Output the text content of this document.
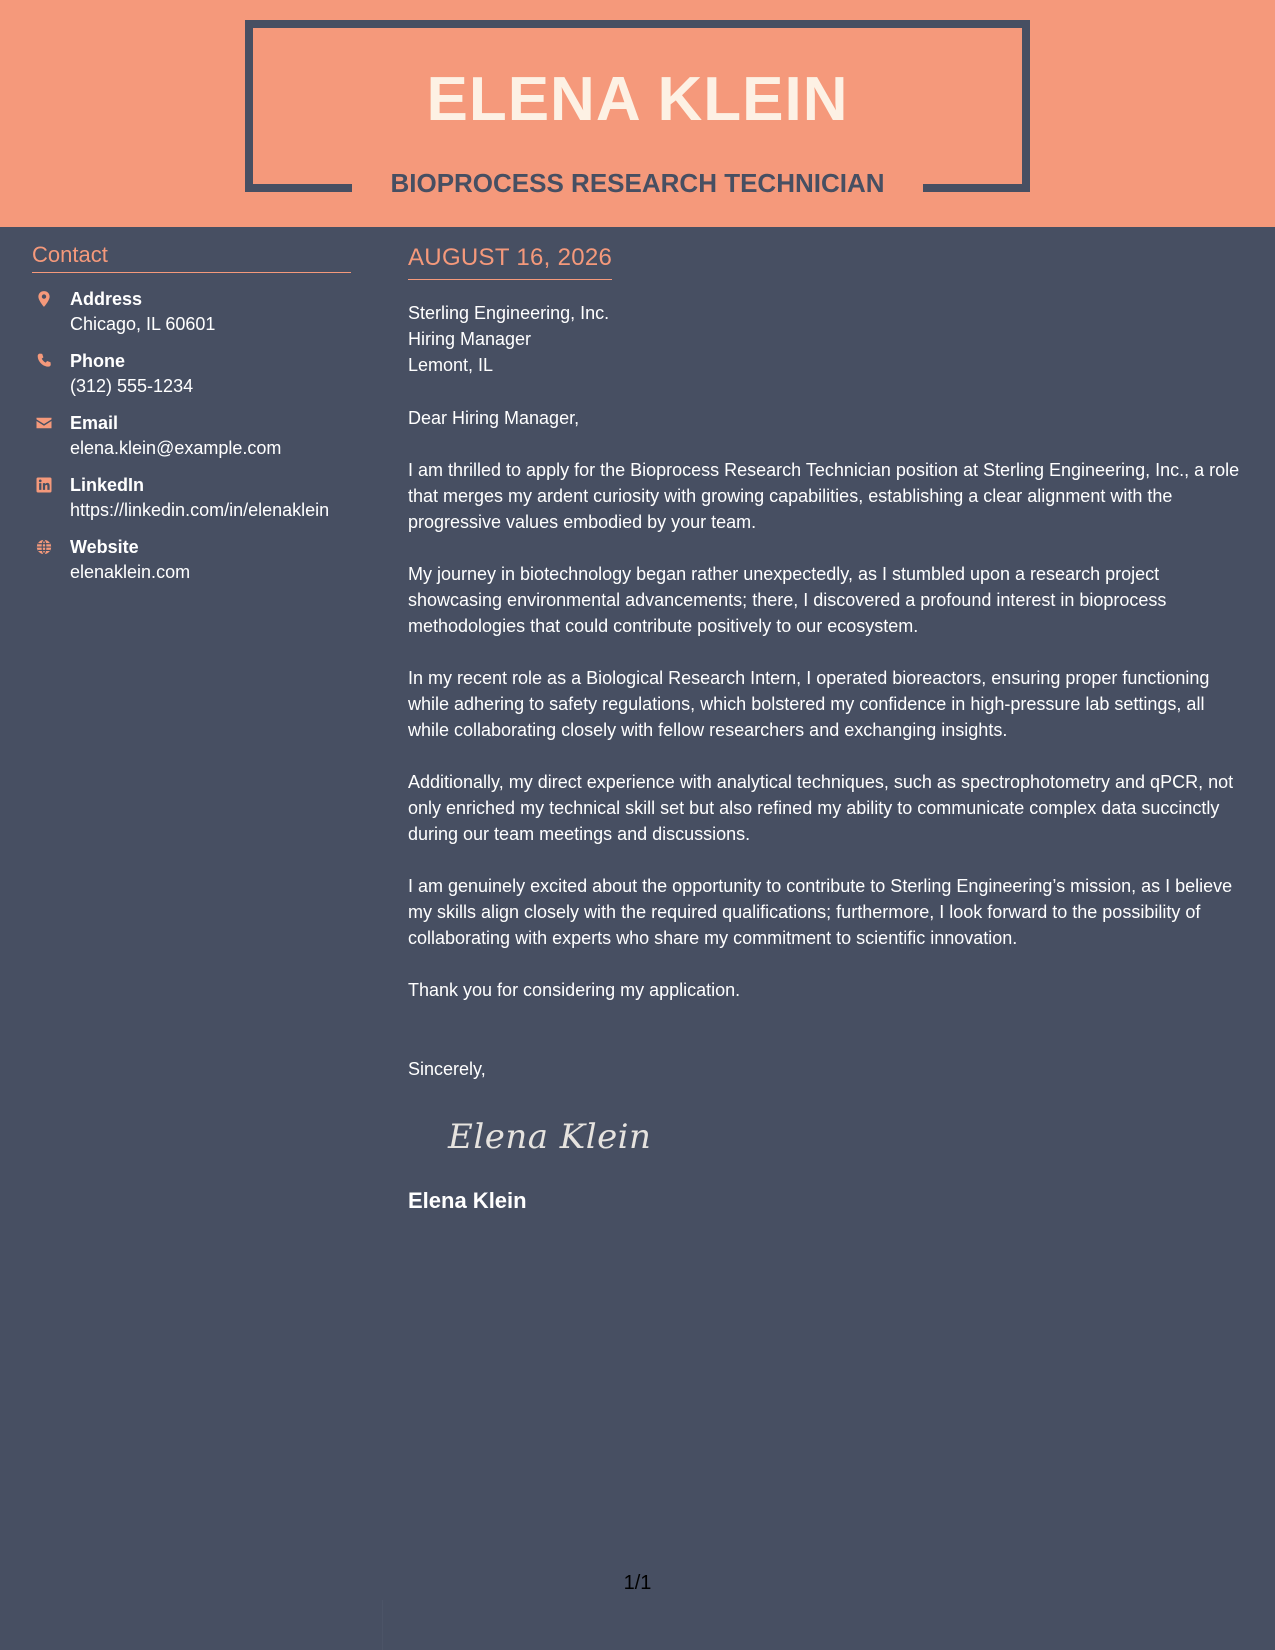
ELENA KLEIN
BIOPROCESS RESEARCH TECHNICIAN
Contact
Address
Chicago, IL 60601
Phone
(312) 555-1234
Email
elena.klein@example.com
LinkedIn
https://linkedin.com/in/elenaklein
Website
elenaklein.com
AUGUST 16, 2026
Sterling Engineering, Inc.
Hiring Manager
Lemont, IL
Dear Hiring Manager,

I am thrilled to apply for the Bioprocess Research Technician position at Sterling Engineering, Inc., a role that merges my ardent curiosity with growing capabilities, establishing a clear alignment with the progressive values embodied by your team.

My journey in biotechnology began rather unexpectedly, as I stumbled upon a research project showcasing environmental advancements; there, I discovered a profound interest in bioprocess methodologies that could contribute positively to our ecosystem.

In my recent role as a Biological Research Intern, I operated bioreactors, ensuring proper functioning while adhering to safety regulations, which bolstered my confidence in high-pressure lab settings, all while collaborating closely with fellow researchers and exchanging insights.

Additionally, my direct experience with analytical techniques, such as spectrophotometry and qPCR, not only enriched my technical skill set but also refined my ability to communicate complex data succinctly during our team meetings and discussions.

I am genuinely excited about the opportunity to contribute to Sterling Engineering’s mission, as I believe my skills align closely with the required qualifications; furthermore, I look forward to the possibility of collaborating with experts who share my commitment to scientific innovation.

Thank you for considering my application.

Sincerely,
Elena Klein
Elena Klein
1/1
